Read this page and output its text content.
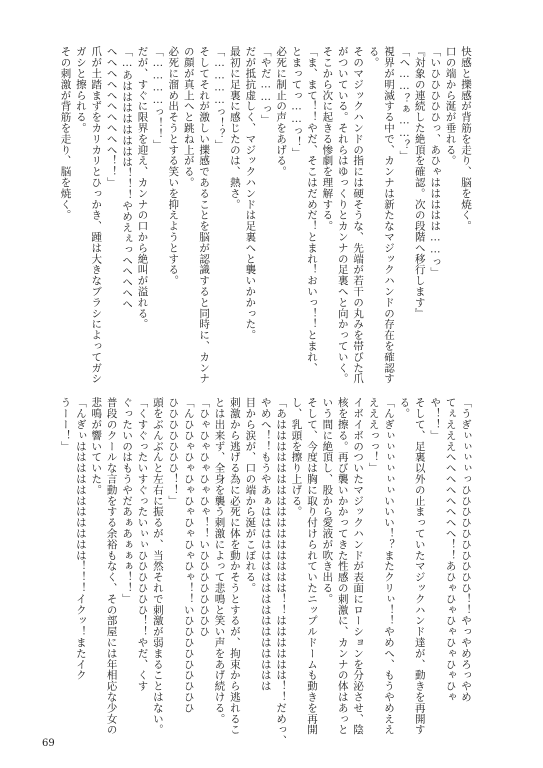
快感と擽感が背筋を走り、脳を焼く。
口の端から涎が垂れる。
「いひひひひひっ、あひゃははははは……っ」
『対象の連続した絶頂を確認。次の段階へ移行します』
「へ……？ぁ……？」
視界が明滅する中で、カンナは新たなマジックハンドの存在を確認す
る。
そのマジックハンドの指には硬そうな、先端が若干の丸みを帯びた爪
がついている。それらはゆっくりとカンナの足裏へと向かっていく。
そこから次に起きる惨劇を理解する。
「ま、まて！！やだ、そこはだめだ！とまれ！おいっ！！とまれ、
とまってっ……っ！」
必死に制止の声をあげる。
「やだ……っ」
だが抵抗虚しく、マジックハンドは足裏へと襲いかかった。
最初に足裏に感じたのは、熱さ。
「…………っ！？」
そしてそれが激しい擽感であることを脳が認識すると同時に、カンナ
の顔が真上へと跳ね上がる。
必死に溜め出そうとする笑いを抑えようとする。
「…………っ！！」
だが、すぐに限界を迎え、カンナの口から絶叫が溢れる。
「…あはははははははは！！！やめえぇっへへへへへ
へへへへへへへへへへ！！」
爪が土踏まずをカリカリとひっかき、踵は大きなブラシによってガシ
ガシと擦られる。
その刺激が背筋を走り、脳を焼く。
「うぎぃぃぃぃっひひひひひひひひひひ！！やっやめろっやめ
てぇえええへへへへへへへへ！！あひゃひゃひゃひゃひゃひゃ
や！！」
そして、足裏以外の止まっていたマジックハンド達が、動きを再開す
る。
「んぎぃぃぃぃぃぃいいい！？またクリぃ！！やめへ、もうやめええ
えええっっ！」
イボイボのついたマジックハンドが表面にローションを分泌させ、陰
核を擦る。再び襲いかかってきた性感の刺激に、カンナの体はあっと
いう間に絶頂し、股から愛液が吹き出る。
そして、今度は胸に取り付けられていたニップルドームも動きを再開
し、乳頭を擦り上げる。
「あはははははははははははははははは！！はははははは！！だめっ、
やめへ！！もうやあぁははははははははははははははははは
目から涙が、口の端から涎がこぼれる。
刺激から逃げる為に必死に体を動かそうとするが、拘束から逃れるこ
とは出来ず、全身を襲う刺激によって悲鳴と笑い声をあげ続ける。
「ひゃひゃひゃひゃひゃ！！いひひひひひひひひ
「んひひゃひゃひゃひゃひゃひゃひゃ！！いひひひひひひひひひ
ひひひひひひひ！！」
頭をぶんぶんと左右に振るが、当然それで刺激が弱まることはない。
「くすぐったいすぐったいぃぃひひひひひひ！！やだ、くす
ぐったいのはもうやだあぁあぁぁぁ！！」
普段のクールな言動をする余裕もなく、その部屋には年相応な少女の
悲鳴が響いていた。
「んぎぃははははははははははは！！！イクッ！またイク
うーー！」
69
